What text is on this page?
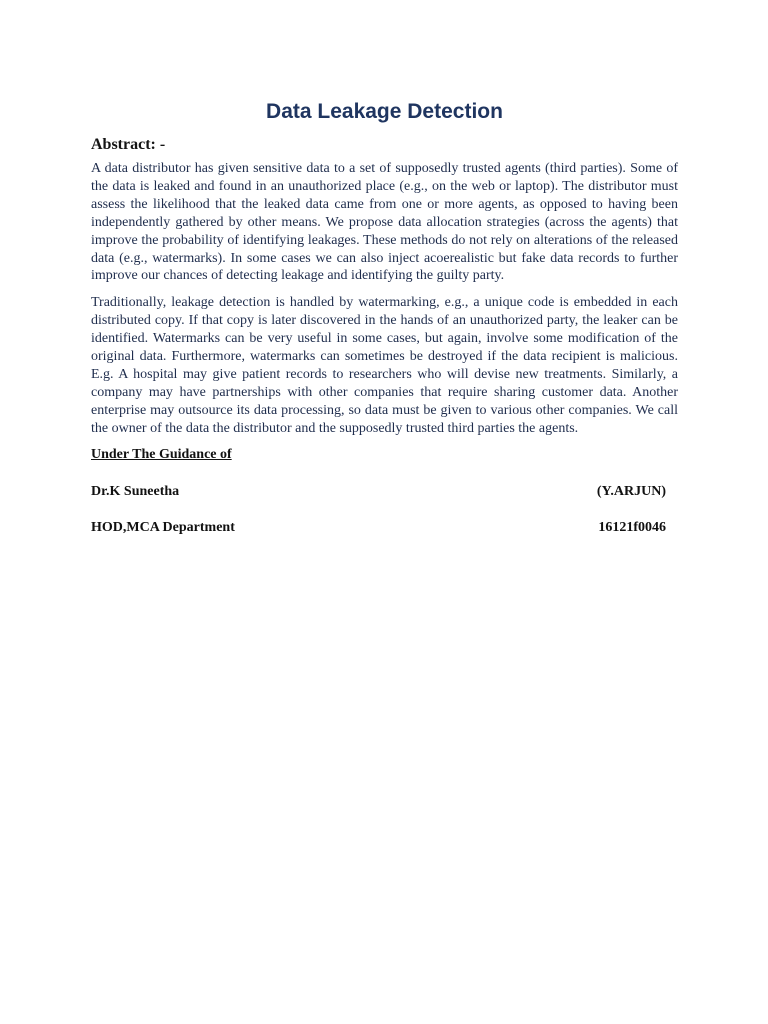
Data Leakage Detection
Abstract: -

A data distributor has given sensitive data to a set of supposedly trusted agents (third parties). Some of the data is leaked and found in an unauthorized place (e.g., on the web or laptop). The distributor must assess the likelihood that the leaked data came from one or more agents, as opposed to having been independently gathered by other means. We propose data allocation strategies (across the agents) that improve the probability of identifying leakages. These methods do not rely on alterations of the released data (e.g., watermarks). In some cases we can also inject acoerealistic but fake data records to further improve our chances of detecting leakage and identifying the guilty party.

Traditionally, leakage detection is handled by watermarking, e.g., a unique code is embedded in each distributed copy. If that copy is later discovered in the hands of an unauthorized party, the leaker can be identified. Watermarks can be very useful in some cases, but again, involve some modification of the original data. Furthermore, watermarks can sometimes be destroyed if the data recipient is malicious. E.g. A hospital may give patient records to researchers who will devise new treatments. Similarly, a company may have partnerships with other companies that require sharing customer data. Another enterprise may outsource its data processing, so data must be given to various other companies. We call the owner of the data the distributor and the supposedly trusted third parties the agents.

Under The Guidance of
Dr.K Suneetha	(Y.ARJUN)
HOD,MCA Department	16121f0046
